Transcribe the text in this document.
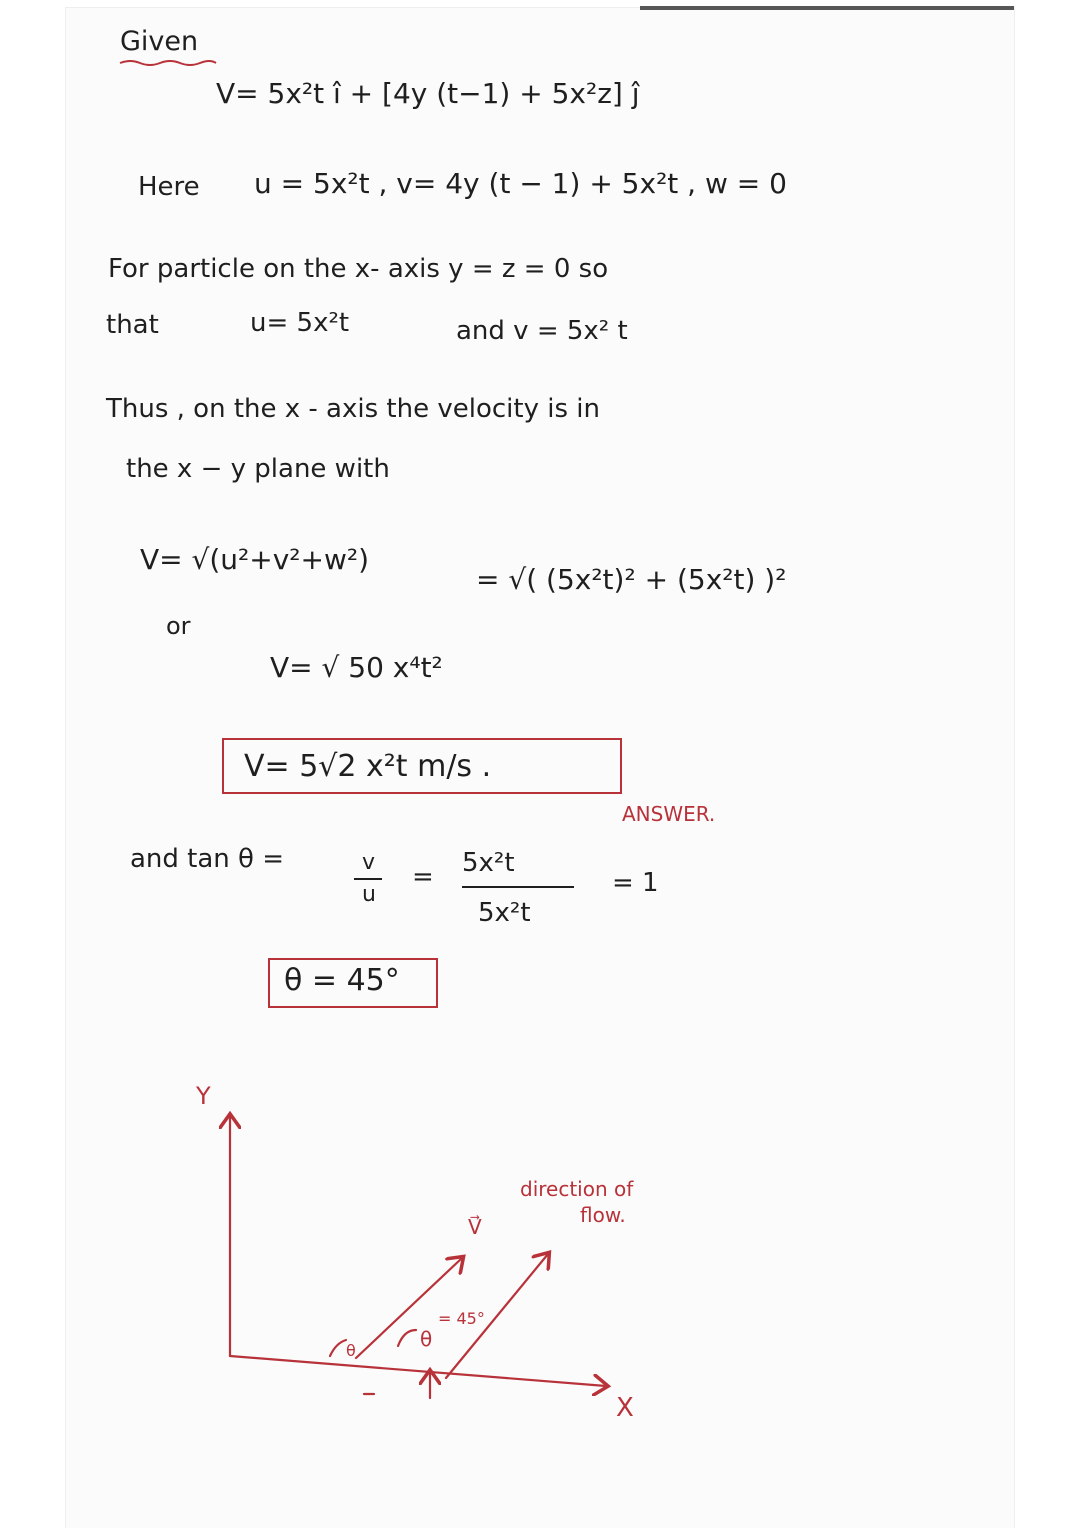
Given
V= 5x²t î + [4y (t−1) + 5x²z] ĵ
Here u = 5x²t , v= 4y (t − 1) + 5x²t , w = 0
For particle on the x- axis y = z = 0 so
that	u= 5x²t	and v = 5x² t
Thus , on the x - axis the velocity is in
the x − y plane with
V= √(u²+v²+w²)
= √( (5x²t)² + (5x²t) )²
or
V= √ 50 x⁴t²
V= 5√2 x²t m/s .
ANSWER.
and tan θ =	v
u
= 5x²t
5x²t
= 1
θ = 45°
Y
X
direction of
flow.
V⃗
θ	θ
= 45°
